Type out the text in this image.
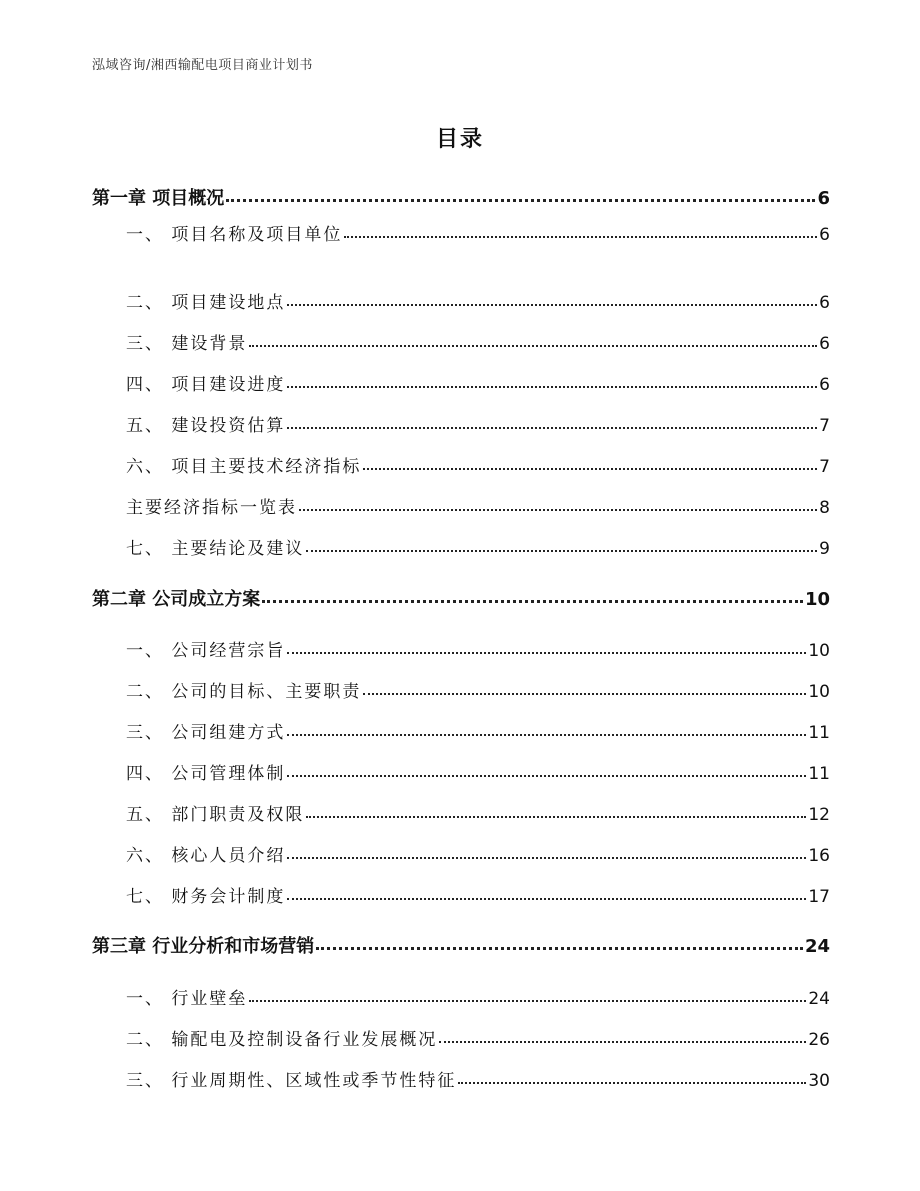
泓域咨询/湘西输配电项目商业计划书
目录
第一章 项目概况	6
一、 项目名称及项目单位	6
二、 项目建设地点	6
三、 建设背景	6
四、 项目建设进度	6
五、 建设投资估算	7
六、 项目主要技术经济指标	7
主要经济指标一览表	8
七、 主要结论及建议	9
第二章 公司成立方案	10
一、 公司经营宗旨	10
二、 公司的目标、主要职责	10
三、 公司组建方式	11
四、 公司管理体制	11
五、 部门职责及权限	12
六、 核心人员介绍	16
七、 财务会计制度	17
第三章 行业分析和市场营销	24
一、 行业壁垒	24
二、 输配电及控制设备行业发展概况	26
三、 行业周期性、区域性或季节性特征	30
